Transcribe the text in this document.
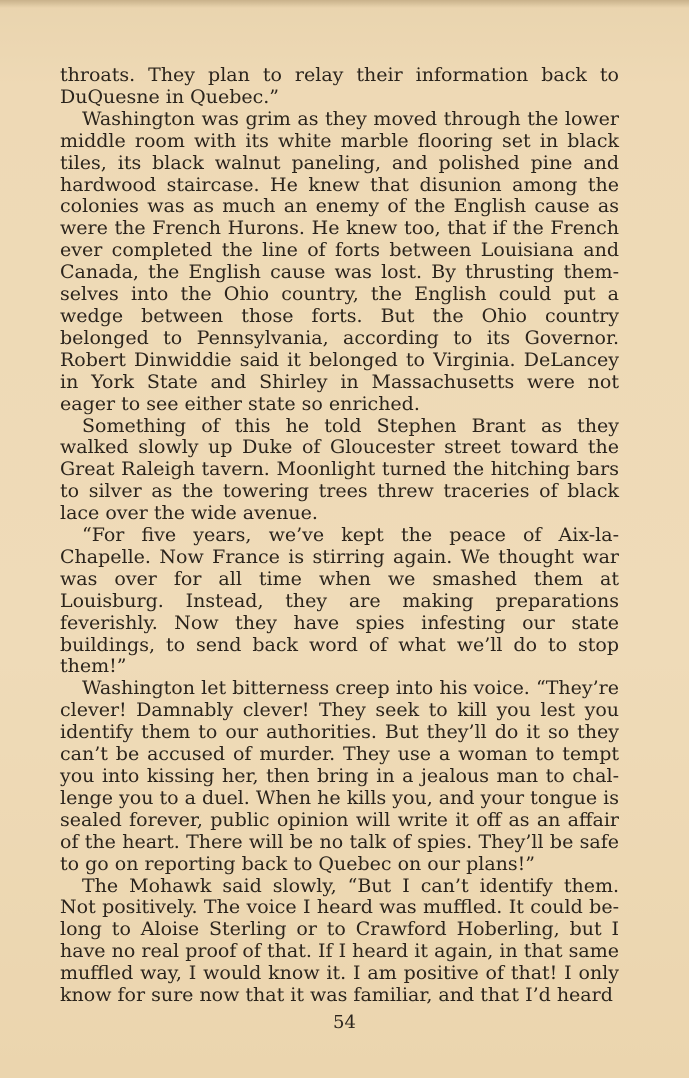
throats. They plan to relay their information back to DuQuesne in Quebec.”

Washington was grim as they moved through the lower middle room with its white marble flooring set in black tiles, its black walnut paneling, and polished pine and hardwood staircase. He knew that disunion among the colonies was as much an enemy of the English cause as were the French Hurons. He knew too, that if the French ever completed the line of forts between Louisiana and Canada, the English cause was lost. By thrusting themselves into the Ohio country, the English could put a wedge between those forts. But the Ohio country belonged to Pennsylvania, according to its Governor. Robert Dinwiddie said it belonged to Virginia. DeLancey in York State and Shirley in Massachusetts were not eager to see either state so enriched.

Something of this he told Stephen Brant as they walked slowly up Duke of Gloucester street toward the Great Raleigh tavern. Moonlight turned the hitching bars to silver as the towering trees threw traceries of black lace over the wide avenue.

“For five years, we’ve kept the peace of Aix-la-Chapelle. Now France is stirring again. We thought war was over for all time when we smashed them at Louisburg. Instead, they are making preparations feverishly. Now they have spies infesting our state buildings, to send back word of what we’ll do to stop them!”

Washington let bitterness creep into his voice. “They’re clever! Damnably clever! They seek to kill you lest you identify them to our authorities. But they’ll do it so they can’t be accused of murder. They use a woman to tempt you into kissing her, then bring in a jealous man to challenge you to a duel. When he kills you, and your tongue is sealed forever, public opinion will write it off as an affair of the heart. There will be no talk of spies. They’ll be safe to go on reporting back to Quebec on our plans!”

The Mohawk said slowly, “But I can’t identify them. Not positively. The voice I heard was muffled. It could belong to Aloise Sterling or to Crawford Hoberling, but I have no real proof of that. If I heard it again, in that same muffled way, I would know it. I am positive of that! I only know for sure now that it was familiar, and that I’d heard

54
